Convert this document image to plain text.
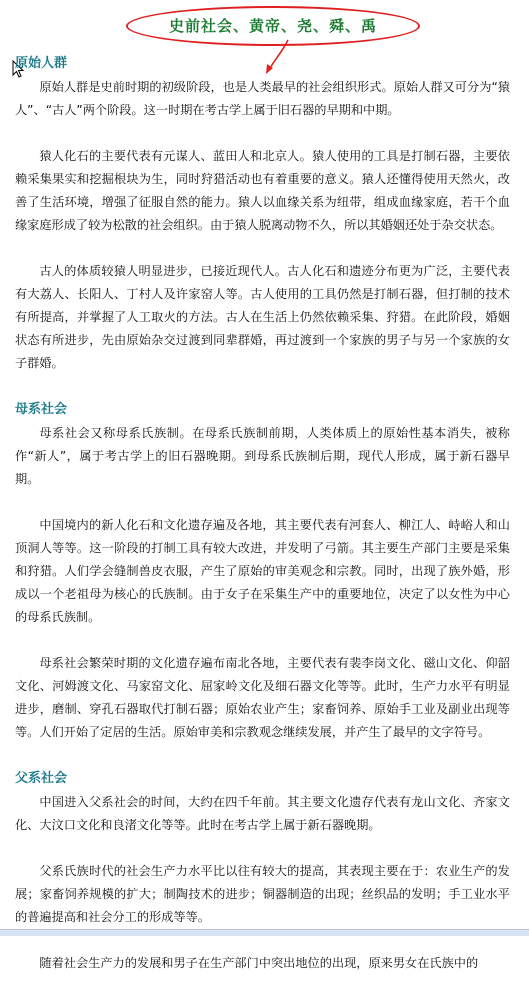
史前社会、黄帝、尧、舜、禹
原始人群

原始人群是史前时期的初级阶段，也是人类最早的社会组织形式。原始人群又可分为“猿人”、“古人”两个阶段。这一时期在考古学上属于旧石器的早期和中期。

猿人化石的主要代表有元谋人、蓝田人和北京人。猿人使用的工具是打制石器，主要依赖采集果实和挖掘根块为生，同时狩猎活动也有着重要的意义。猿人还懂得使用天然火，改善了生活环境，增强了征服自然的能力。猿人以血缘关系为纽带，组成血缘家庭，若干个血缘家庭形成了较为松散的社会组织。由于猿人脱离动物不久，所以其婚姻还处于杂交状态。

古人的体质较猿人明显进步，已接近现代人。古人化石和遗迹分布更为广泛，主要代表有大荔人、长阳人、丁村人及许家窑人等。古人使用的工具仍然是打制石器，但打制的技术有所提高，并掌握了人工取火的方法。古人在生活上仍然依赖采集、狩猎。在此阶段，婚姻状态有所进步，先由原始杂交过渡到同辈群婚，再过渡到一个家族的男子与另一个家族的女子群婚。

母系社会

母系社会又称母系氏族制。在母系氏族制前期，人类体质上的原始性基本消失，被称作“新人”，属于考古学上的旧石器晚期。到母系氏族制后期，现代人形成，属于新石器早期。

中国境内的新人化石和文化遗存遍及各地，其主要代表有河套人、柳江人、峙峪人和山顶洞人等等。这一阶段的打制工具有较大改进，并发明了弓箭。其主要生产部门主要是采集和狩猎。人们学会缝制兽皮衣服，产生了原始的审美观念和宗教。同时，出现了族外婚，形成以一个老祖母为核心的氏族制。由于女子在采集生产中的重要地位，决定了以女性为中心的母系氏族制。

母系社会繁荣时期的文化遗存遍布南北各地，主要代表有裴李岗文化、磁山文化、仰韶文化、河姆渡文化、马家窑文化、屈家岭文化及细石器文化等等。此时，生产力水平有明显进步，磨制、穿孔石器取代打制石器；原始农业产生；家畜饲养、原始手工业及副业出现等等。人们开始了定居的生活。原始审美和宗教观念继续发展，并产生了最早的文字符号。

父系社会

中国进入父系社会的时间，大约在四千年前。其主要文化遗存代表有龙山文化、齐家文化、大汶口文化和良渚文化等等。此时在考古学上属于新石器晚期。

父系氏族时代的社会生产力水平比以往有较大的提高，其表现主要在于：农业生产的发展；家畜饲养规模的扩大；制陶技术的进步；铜器制造的出现；丝织品的发明；手工业水平的普遍提高和社会分工的形成等等。

随着社会生产力的发展和男子在生产部门中突出地位的出现，原来男女在氏族中的
